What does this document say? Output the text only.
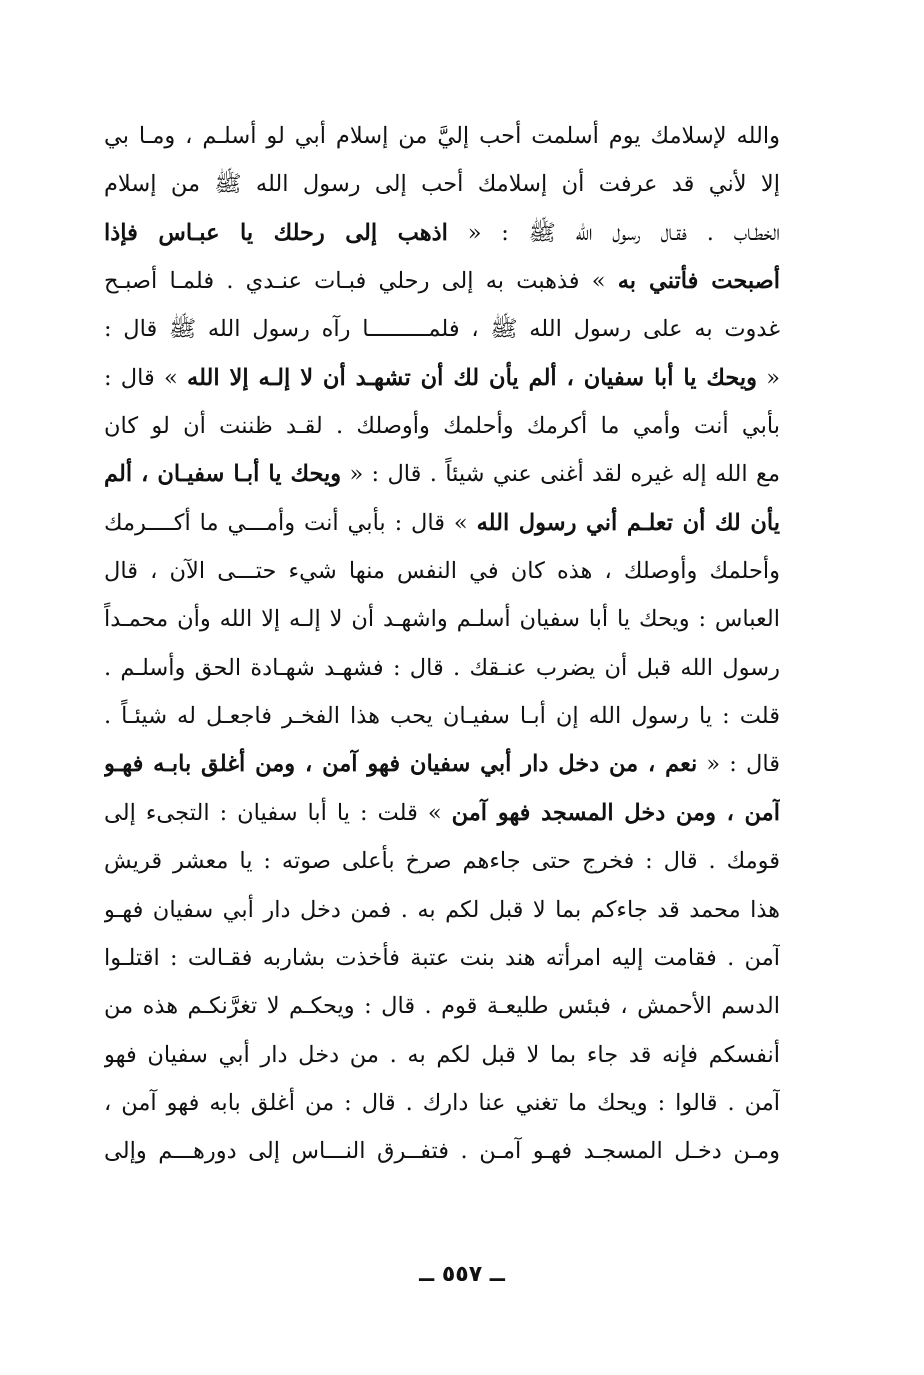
والله لإسلامك يوم أسلمت أحب إليَّ من إسلام أبي لو أسلـم ، ومـا بي
إلا لأني قد عرفت أن إسلامك أحب إلى رسول الله ﷺ من إسلام
الخطـاب . فقـال رسول الله ﷺ : « اذهب إلى رحلك يا عبـاس فإذا
أصبحت فأتني به » فذهبت به إلى رحلي فبـات عنـدي . فلمـا أصبـح
غدوت به على رسول الله ﷺ ، فلمـــــــــا رآه رسول الله ﷺ قال :
« ويحك يا أبا سفيان ، ألم يأن لك أن تشهـد أن لا إلـه إلا الله » قال :
بأبي أنت وأمي ما أكرمك وأحلمك وأوصلك . لقـد ظننت أن لو كان
مع الله إله غيره لقد أغنى عني شيئاً . قال : « ويحك يا أبـا سفيـان ، ألم
يأن لك أن تعلـم أني رسول الله » قال : بأبي أنت وأمـــي ما أكــــرمك
وأحلمك وأوصلك ، هذه كان في النفس منها شيء حتـــى الآن ، قال
العباس : ويحك يا أبا سفيان أسلـم واشهـد أن لا إلـه إلا الله وأن محمـداً
رسول الله قبل أن يضرب عنـقك . قال : فشهـد شهـادة الحق وأسلـم .
قلت : يا رسول الله إن أبـا سفيـان يحب هذا الفخـر فاجعـل له شيئـاً .
قال : « نعم ، من دخل دار أبي سفيان فهو آمن ، ومن أغلق بابـه فهـو
آمن ، ومن دخل المسجد فهو آمن » قلت : يا أبا سفيان : التجىء إلى
قومك . قال : فخرج حتى جاءهم صرخ بأعلى صوته : يا معشر قريش
هذا محمد قد جاءكم بما لا قبل لكم به . فمن دخل دار أبي سفيان فهـو
آمن . فقامت إليه امرأته هند بنت عتبة فأخذت بشاربه فقـالت : اقتلـوا
الدسم الأحمش ، فبئس طليعـة قوم . قال : ويحكـم لا تغرَّنكـم هذه من
أنفسكم فإنه قد جاء بما لا قبل لكم به . من دخل دار أبي سفيان فهو
آمن . قالوا : ويحك ما تغني عنا دارك . قال : من أغلق بابه فهو آمن ،
ومـن دخـل المسجـد فهـو آمـن . فتفــرق النـــاس إلى دورهـــم وإلى
ــ ٥٥٧ ــ
